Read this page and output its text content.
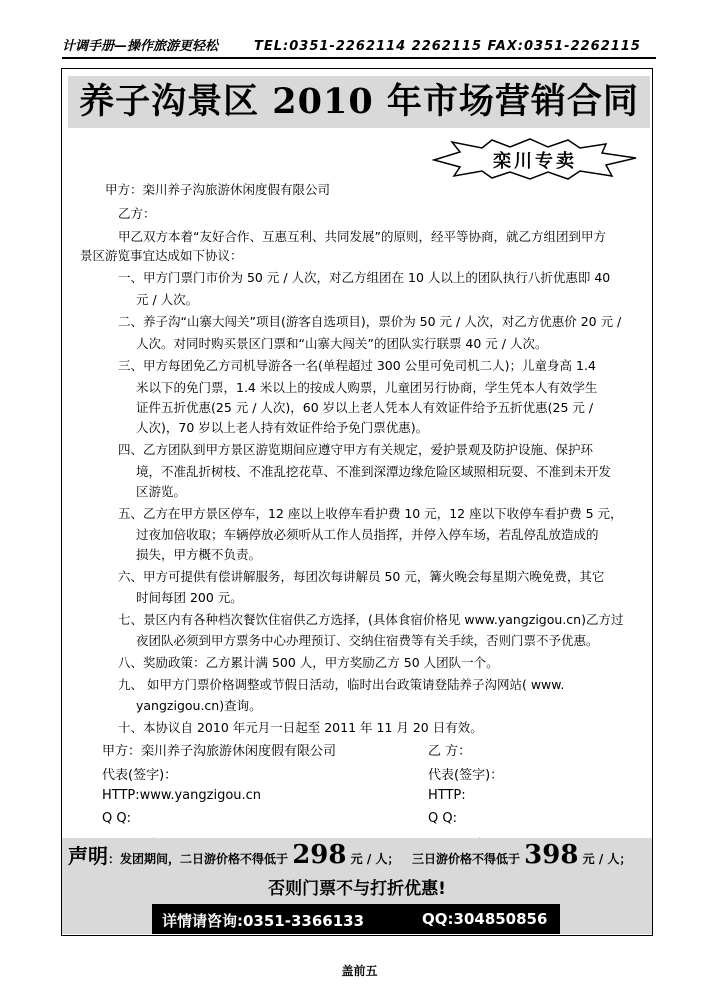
计调手册—操作旅游更轻松	TEL:0351-2262114 2262115 FAX:0351-2262115
养子沟景区 2010 年市场营销合同
栾川专卖
甲方：栾川养子沟旅游休闲度假有限公司
乙方：
甲乙双方本着“友好合作、互惠互利、共同发展”的原则，经平等协商，就乙方组团到甲方
景区游览事宜达成如下协议：
一、甲方门票门市价为 50 元 / 人次，对乙方组团在 10 人以上的团队执行八折优惠即 40
元 / 人次。
二、养子沟“山寨大闯关”项目(游客自选项目)，票价为 50 元 / 人次，对乙方优惠价 20 元 /
人次。对同时购买景区门票和“山寨大闯关”的团队实行联票 40 元 / 人次。
三、甲方每团免乙方司机导游各一名(单程超过 300 公里可免司机二人)；儿童身高 1.4
米以下的免门票，1.4 米以上的按成人购票，儿童团另行协商，学生凭本人有效学生
证件五折优惠(25 元 / 人次)，60 岁以上老人凭本人有效证件给予五折优惠(25 元 /
人次)，70 岁以上老人持有效证件给予免门票优惠)。
四、乙方团队到甲方景区游览期间应遵守甲方有关规定，爱护景观及防护设施、保护环
境，不准乱折树枝、不准乱挖花草、不准到深潭边缘危险区域照相玩耍、不准到未开发
区游览。
五、乙方在甲方景区停车，12 座以上收停车看护费 10 元，12 座以下收停车看护费 5 元，
过夜加倍收取；车辆停放必须听从工作人员指挥，并停入停车场，若乱停乱放造成的
损失，甲方概不负责。
六、甲方可提供有偿讲解服务，每团次每讲解员 50 元，篝火晚会每星期六晚免费，其它
时间每团 200 元。
七、景区内有各种档次餐饮住宿供乙方选择，(具体食宿价格见 www.yangzigou.cn)乙方过
夜团队必须到甲方票务中心办理预订、交纳住宿费等有关手续，否则门票不予优惠。
八、奖励政策：乙方累计满 500 人，甲方奖励乙方 50 人团队一个。
九、 如甲方门票价格调整或节假日活动，临时出台政策请登陆养子沟网站( www.
yangzigou.cn)查询。
十、本协议自 2010 年元月一日起至 2011 年 11 月 20 日有效。
甲方：栾川养子沟旅游休闲度假有限公司
代表(签字)：
HTTP:www.yangzigou.cn
Q Q:
乙 方：
代表(签字)：
HTTP:
Q Q:
声明：发团期间，二日游价格不得低于 298 元 / 人； 三日游价格不得低于 398 元 / 人；
否则门票不与打折优惠!
详情请咨询:0351-3366133	QQ:304850856
盖前五
